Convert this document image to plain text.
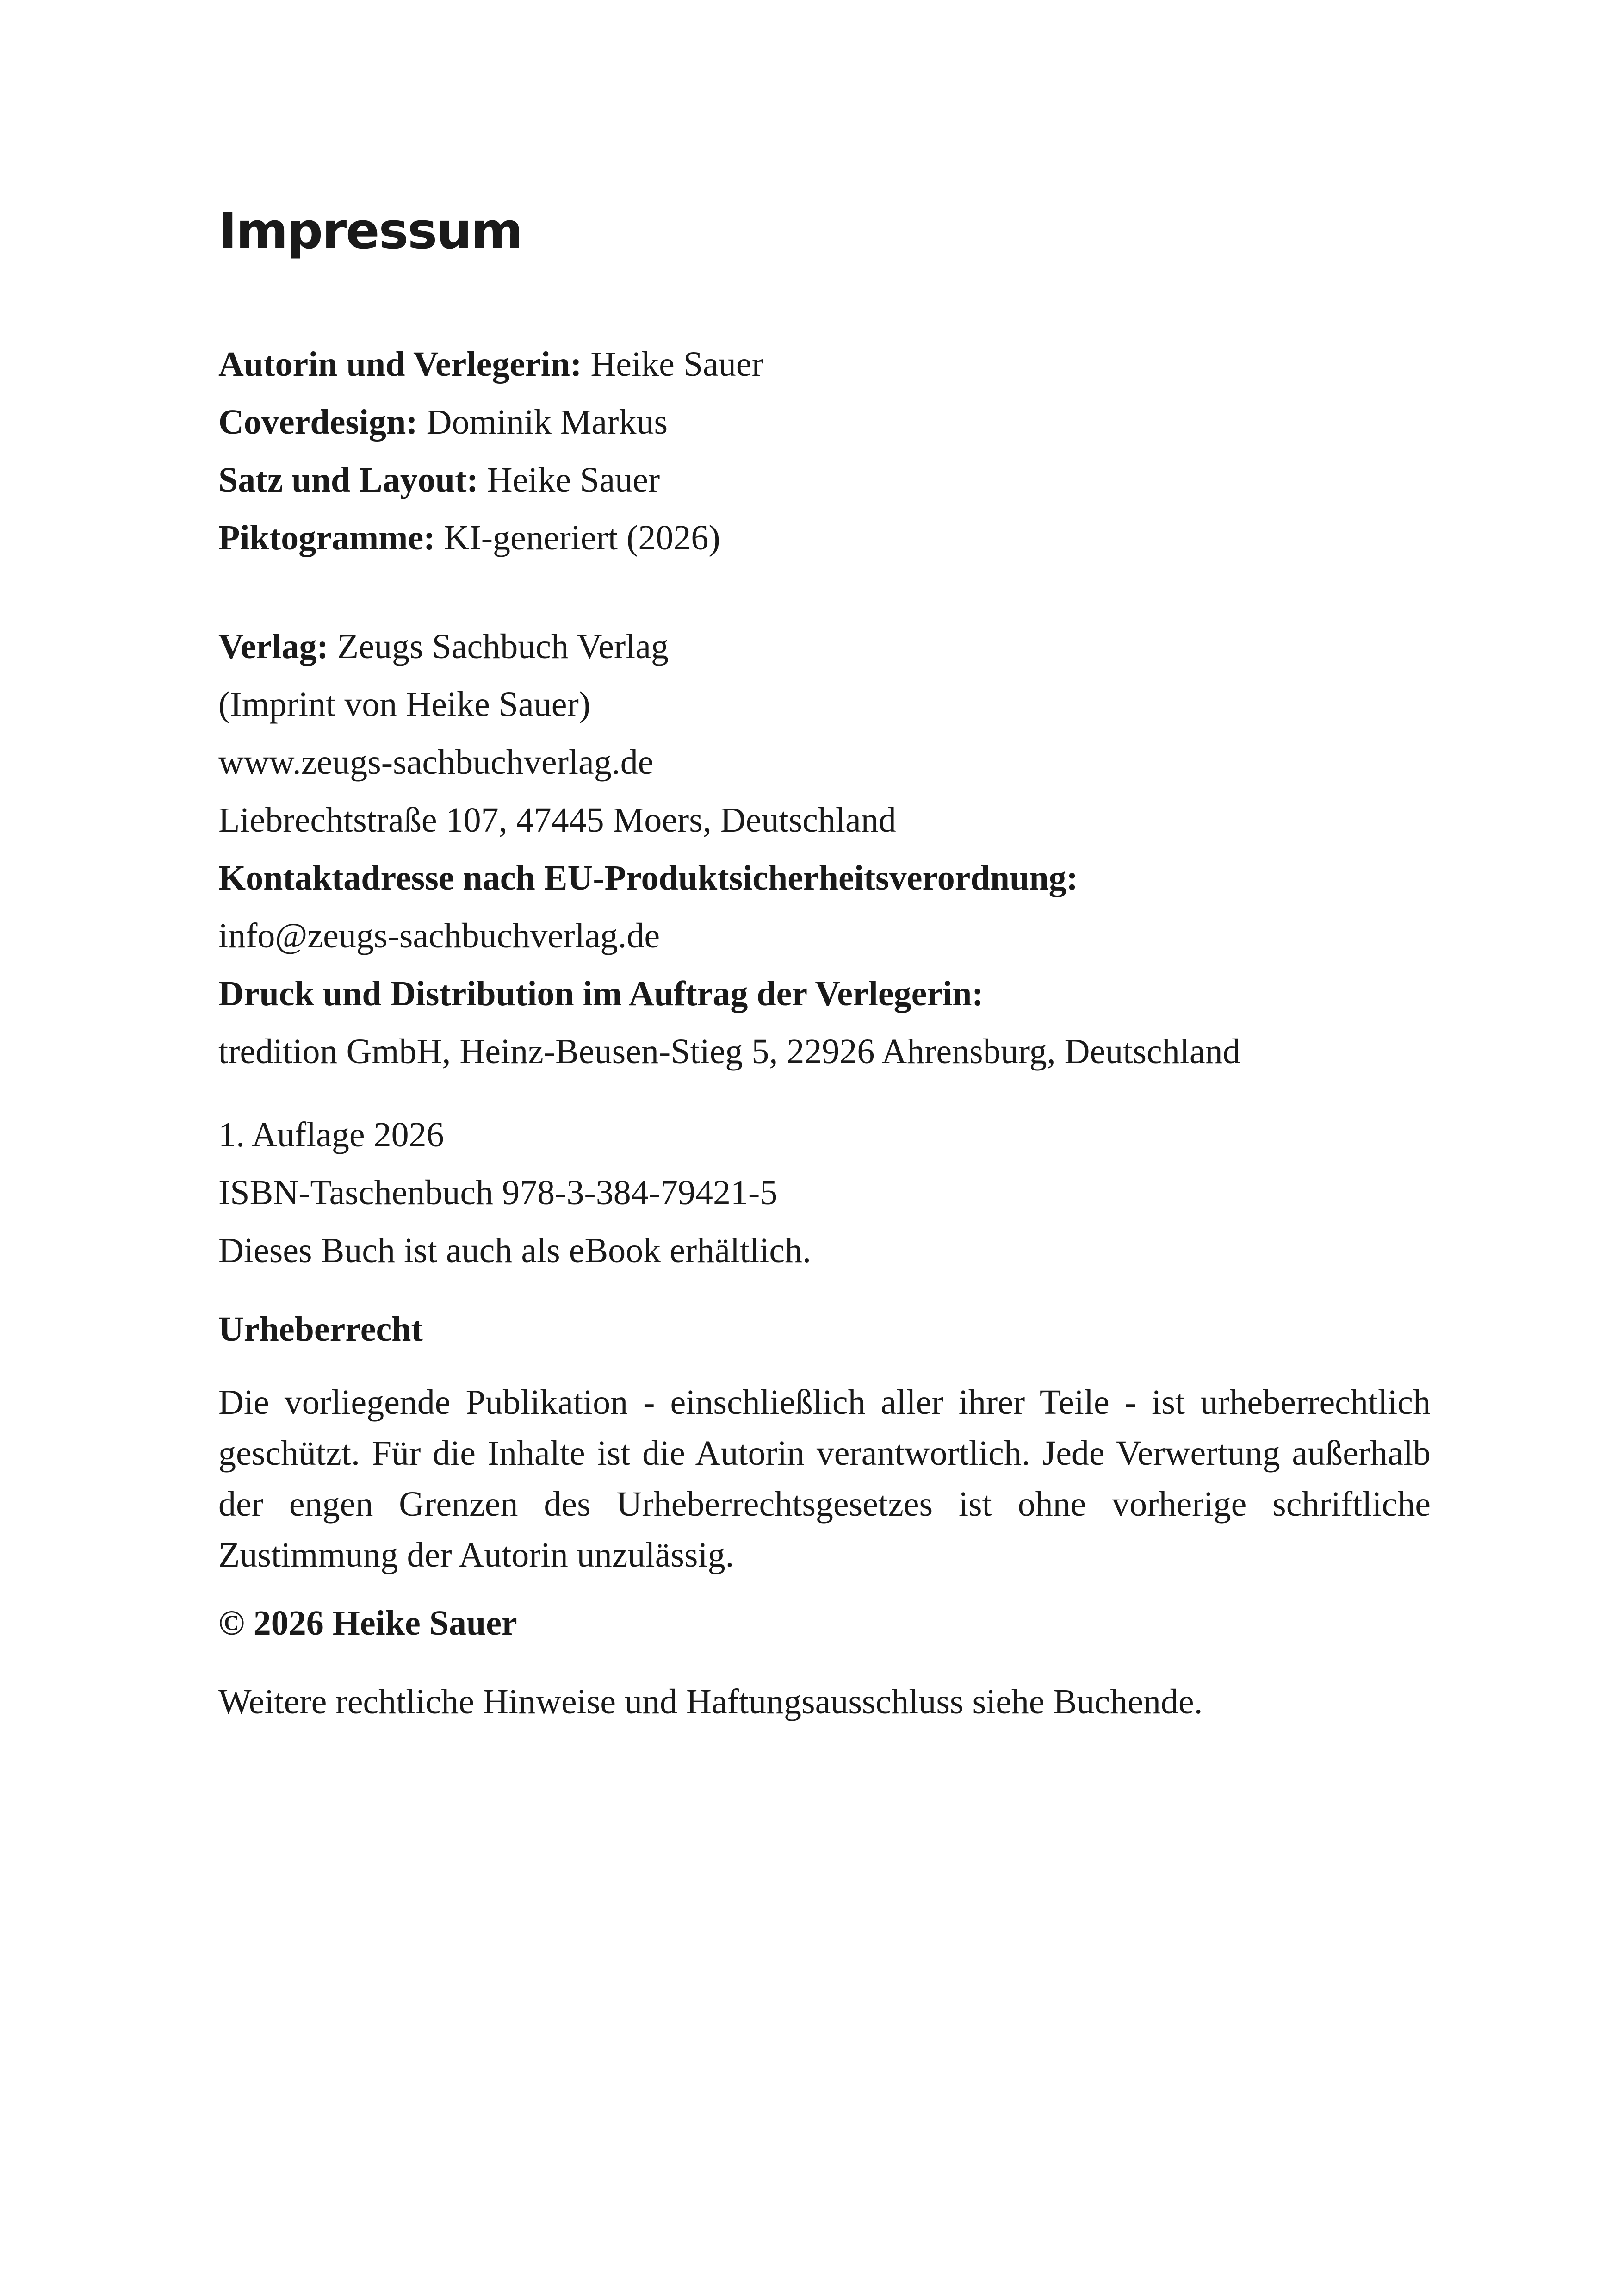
Impressum
Autorin und Verlegerin: Heike Sauer
Coverdesign: Dominik Markus
Satz und Layout: Heike Sauer
Piktogramme: KI-generiert (2026)
Verlag: Zeugs Sachbuch Verlag
(Imprint von Heike Sauer)
www.zeugs-sachbuchverlag.de
Liebrechtstraße 107, 47445 Moers, Deutschland
Kontaktadresse nach EU-Produktsicherheitsverordnung:
info@zeugs-sachbuchverlag.de
Druck und Distribution im Auftrag der Verlegerin:
tredition GmbH, Heinz-Beusen-Stieg 5, 22926 Ahrensburg, Deutschland
1. Auflage 2026
ISBN-Taschenbuch 978-3-384-79421-5
Dieses Buch ist auch als eBook erhältlich.
Urheberrecht

Die vorliegende Publikation - einschließlich aller ihrer Teile - ist urheberrechtlich geschützt. Für die Inhalte ist die Autorin verantwortlich. Jede Verwertung außerhalb der engen Grenzen des Urheberrechtsgesetzes ist ohne vorherige schriftliche Zustimmung der Autorin unzulässig.

© 2026 Heike Sauer
Weitere rechtliche Hinweise und Haftungsausschluss siehe Buchende.
